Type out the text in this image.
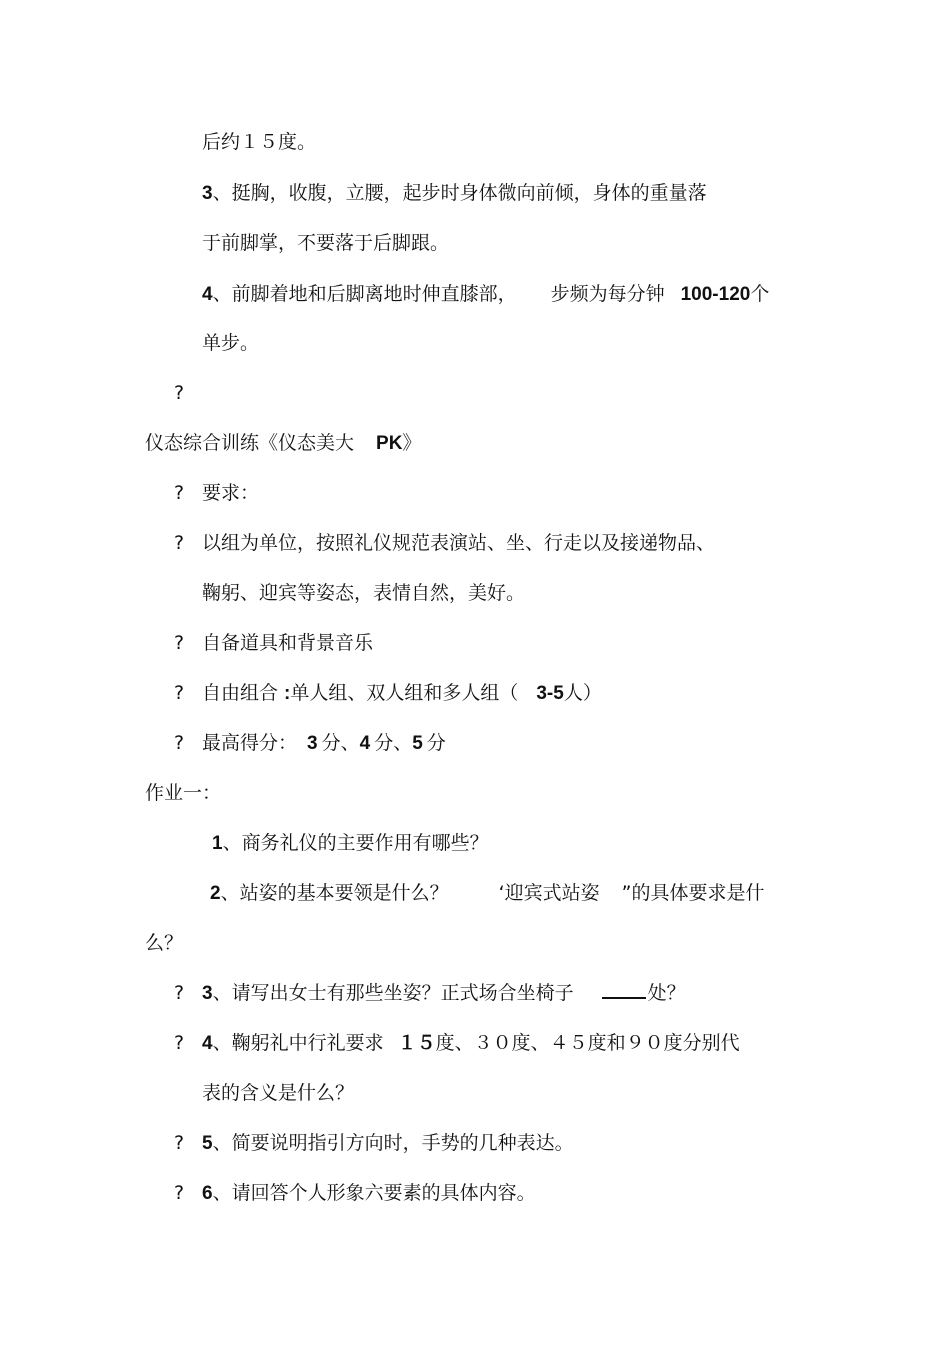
后约１５度。
3、挺胸，收腹，立腰，起步时身体微向前倾，身体的重量落
于前脚掌，不要落于后脚跟。
4、前脚着地和后脚离地时伸直膝部， 步频为每分钟 100-120个
单步。
?
仪态综合训练《仪态美大 PK》
? 要求：
? 以组为单位，按照礼仪规范表演站、坐、行走以及接递物品、
鞠躬、迎宾等姿态，表情自然，美好。
? 自备道具和背景音乐
? 自由组合 :单人组、双人组和多人组（ 3-5人）
? 最高得分： 3 分、4 分、5 分
作业一：
1、商务礼仪的主要作用有哪些？
2、站姿的基本要领是什么？	‘迎宾式站姿 ”的具体要求是什
么？
? 3、请写出女士有那些坐姿？正式场合坐椅子	处？
? 4、鞠躬礼中行礼要求 １５度、３０度、４５度和９０度分别代
表的含义是什么？
? 5、简要说明指引方向时，手势的几种表达。
? 6、请回答个人形象六要素的具体内容。
